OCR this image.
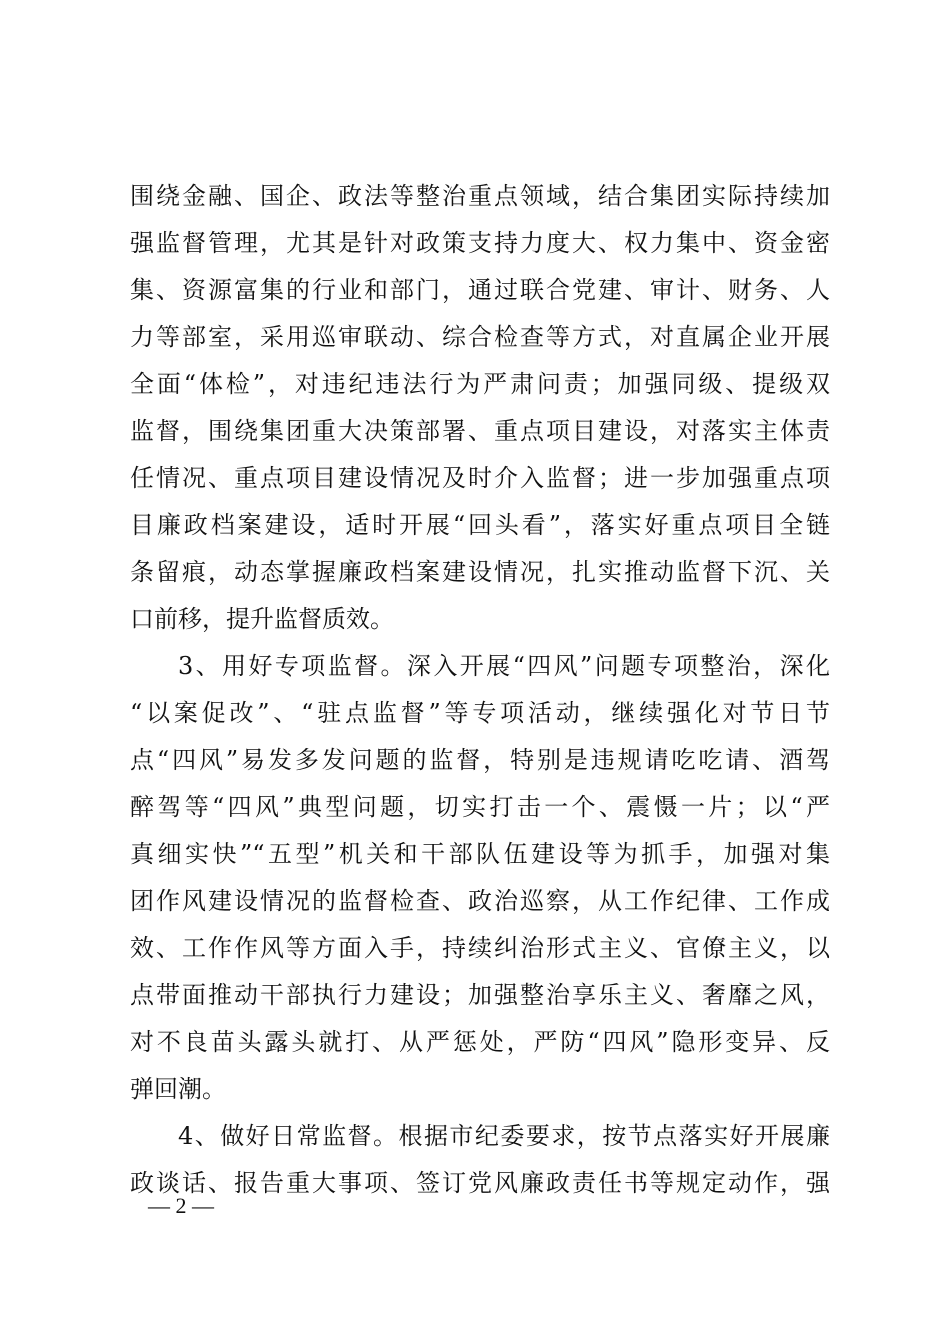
围绕金融、国企、政法等整治重点领域，结合集团实际持续加
强监督管理，尤其是针对政策支持力度大、权力集中、资金密
集、资源富集的行业和部门，通过联合党建、审计、财务、人
力等部室，采用巡审联动、综合检查等方式，对直属企业开展
全面“体检”，对违纪违法行为严肃问责；加强同级、提级双
监督，围绕集团重大决策部署、重点项目建设，对落实主体责
任情况、重点项目建设情况及时介入监督；进一步加强重点项
目廉政档案建设，适时开展“回头看”，落实好重点项目全链
条留痕，动态掌握廉政档案建设情况，扎实推动监督下沉、关
口前移，提升监督质效。
3、用好专项监督。深入开展“四风”问题专项整治，深化
“以案促改”、“驻点监督”等专项活动，继续强化对节日节
点“四风”易发多发问题的监督，特别是违规请吃吃请、酒驾
醉驾等“四风”典型问题，切实打击一个、震慑一片；以“严
真细实快”“五型”机关和干部队伍建设等为抓手，加强对集
团作风建设情况的监督检查、政治巡察，从工作纪律、工作成
效、工作作风等方面入手，持续纠治形式主义、官僚主义，以
点带面推动干部执行力建设；加强整治享乐主义、奢靡之风，
对不良苗头露头就打、从严惩处，严防“四风”隐形变异、反
弹回潮。
4、做好日常监督。根据市纪委要求，按节点落实好开展廉
政谈话、报告重大事项、签订党风廉政责任书等规定动作，强
— 2 —
